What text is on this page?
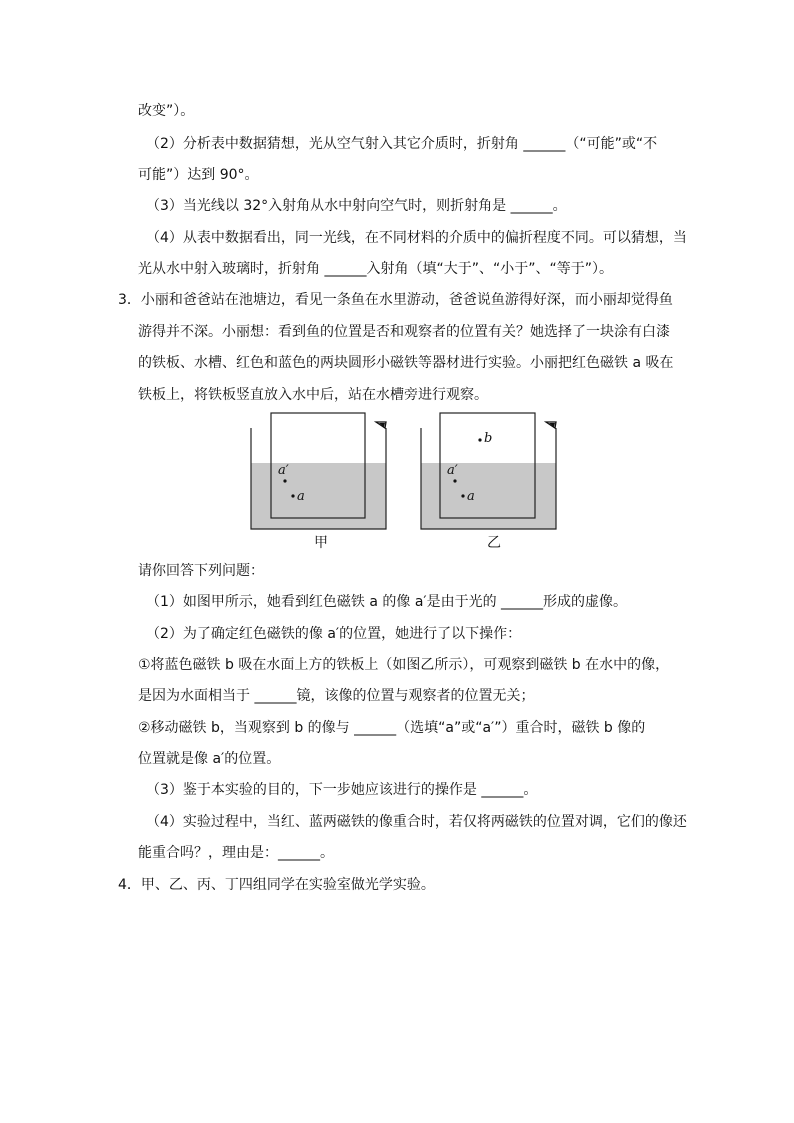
改变”）。
（2）分析表中数据猜想，光从空气射入其它介质时，折射角 ______（“可能”或“不
可能”）达到 90°。
（3）当光线以 32°入射角从水中射向空气时，则折射角是 ______。
（4）从表中数据看出，同一光线，在不同材料的介质中的偏折程度不同。可以猜想，当
光从水中射入玻璃时，折射角 ______入射角（填“大于”、“小于”、“等于”）。
3．小丽和爸爸站在池塘边，看见一条鱼在水里游动，爸爸说鱼游得好深，而小丽却觉得鱼
游得并不深。小丽想：看到鱼的位置是否和观察者的位置有关？她选择了一块涂有白漆
的铁板、水槽、红色和蓝色的两块圆形小磁铁等器材进行实验。小丽把红色磁铁 a 吸在
铁板上，将铁板竖直放入水中后，站在水槽旁进行观察。
a′
a
b
a′
a
甲	乙
请你回答下列问题：
（1）如图甲所示，她看到红色磁铁 a 的像 a′是由于光的 ______形成的虚像。
（2）为了确定红色磁铁的像 a′的位置，她进行了以下操作：
①将蓝色磁铁 b 吸在水面上方的铁板上（如图乙所示），可观察到磁铁 b 在水中的像，
是因为水面相当于 ______镜，该像的位置与观察者的位置无关；
②移动磁铁 b，当观察到 b 的像与 ______（选填“a”或“a′”）重合时，磁铁 b 像的
位置就是像 a′的位置。
（3）鉴于本实验的目的，下一步她应该进行的操作是 ______。
（4）实验过程中，当红、蓝两磁铁的像重合时，若仅将两磁铁的位置对调，它们的像还
能重合吗？，理由是：______。
4．甲、乙、丙、丁四组同学在实验室做光学实验。
